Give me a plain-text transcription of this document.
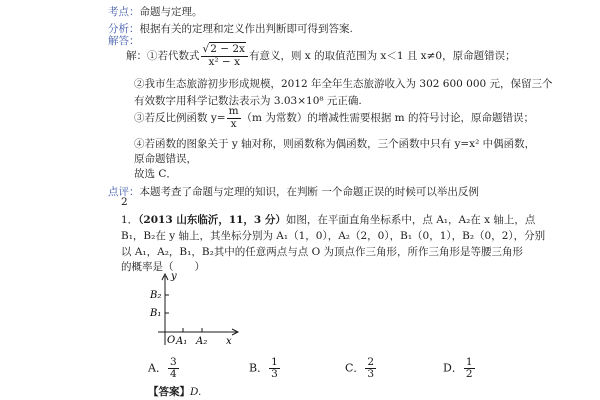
考点：命题与定理。
分析：根据有关的定理和定义作出判断即可得到答案.
解答：
解：①若代数式 $\frac{√2 - 2x}{\text{x² − x}}$ 有意义，则 x 的取值范围为 x＜1 且 x≠0，原命题错误；
②我市生态旅游初步形成规模，2012 年全年生态旅游收入为 302 600 000 元，保留三个
有效数字用科学记数法表示为 3.03×10⁸ 元正确.
③若反比例函数 $y= \frac{m}{x} (m$ 为常数）的增减性需要根据 m 的符号讨论，原命题错误；
④若函数的图象关于 y 轴对称，则函数称为偶函数，三个函数中只有 y=x² 中偶函数，
原命题错误，
故选 C．
点评：本题考查了命题与定理的知识，在判断 一个命题正误的时候可以举出反例
2
1．（2013 山东临沂，11，3 分）如图，在平面直角坐标系中，点 A₁，A₂在 x 轴上，点
B₁，B₂在 y 轴上，其坐标分别为 A₁（1，0），A₂（2，0），B₁（0，1），B₂（0，2），分别
以 A₁，A₂，B₁，B₂其中的任意两点与点 O 为顶点作三角形，所作三角形是等腰三角形
的概率是（　　）
y
x
O A₁ A₂
B₁
B₂
A． $\frac{3}{4}$	B． $\frac{1}{3}$	C． $\frac{2}{3}$	D． $\frac{1}{2}$
【答案】D.
